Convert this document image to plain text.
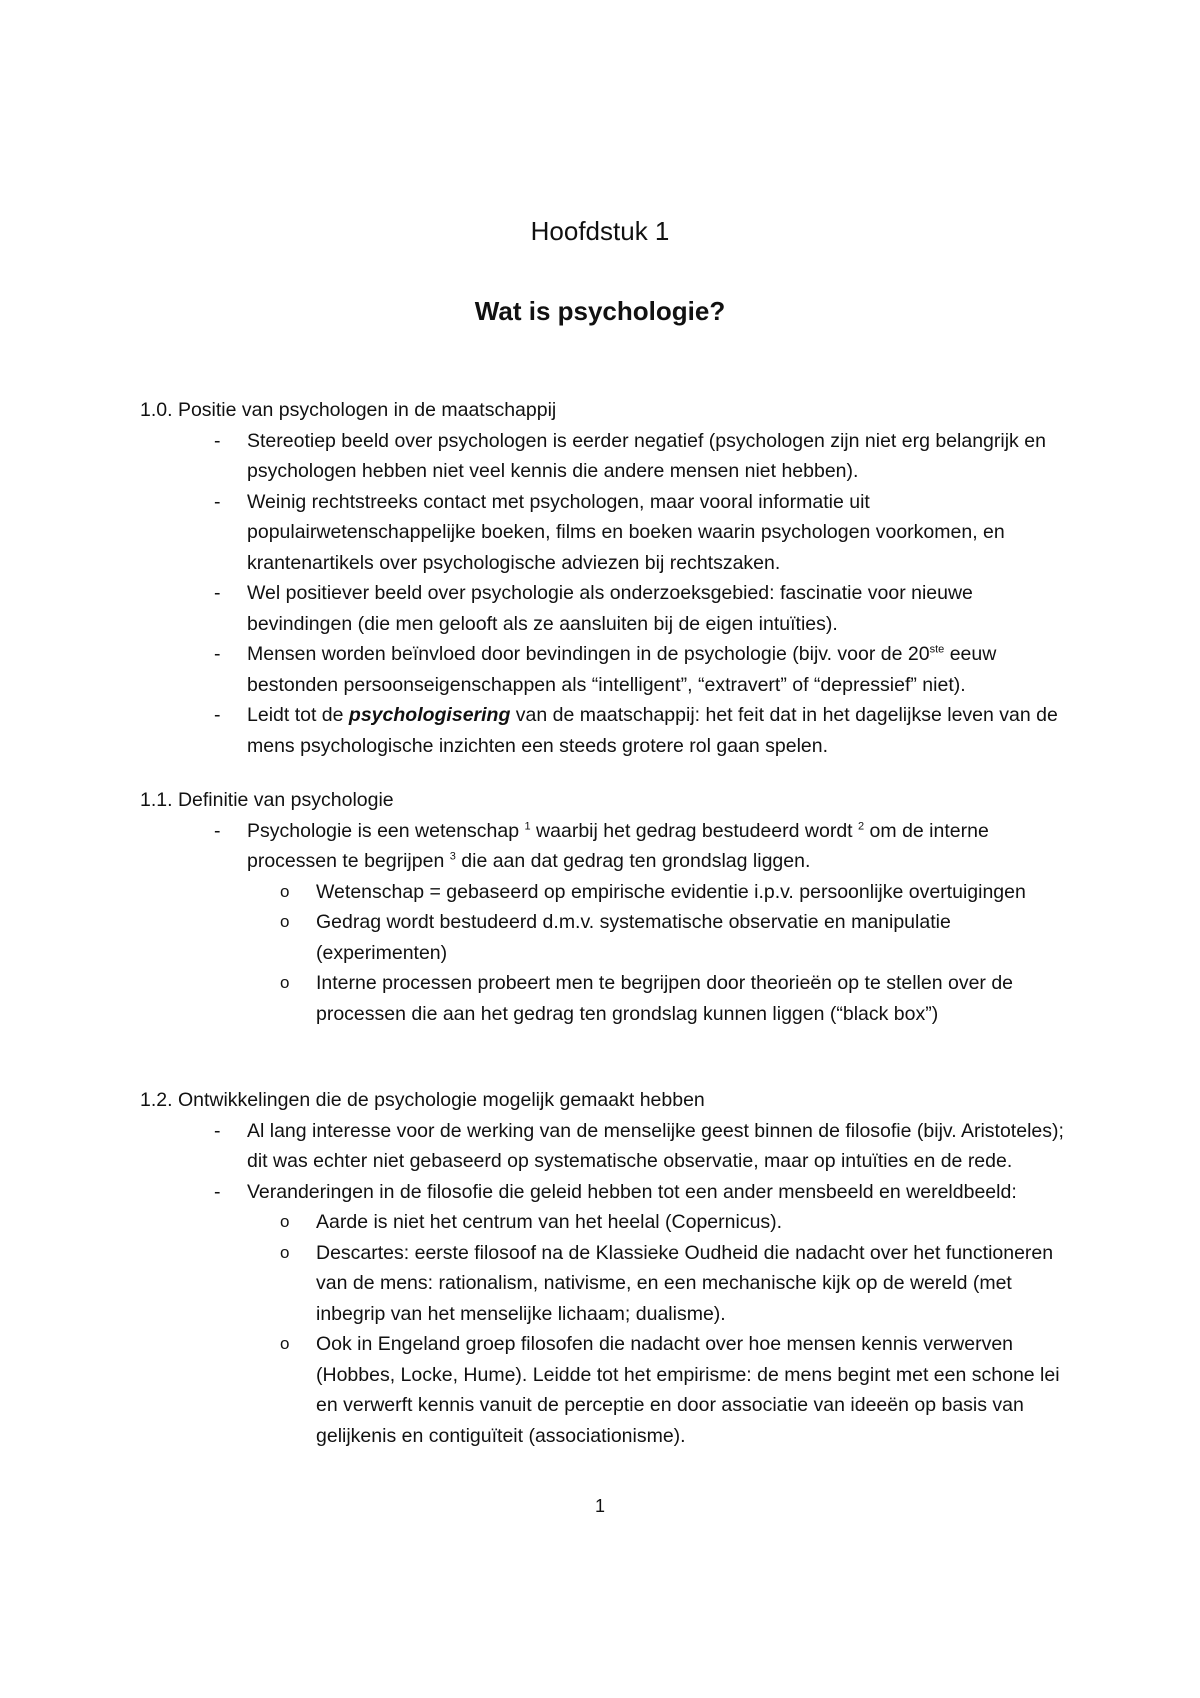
Hoofdstuk 1
Wat is psychologie?

1.0. Positie van psychologen in de maatschappij

- Stereotiep beeld over psychologen is eerder negatief (psychologen zijn niet erg belangrijk en psychologen hebben niet veel kennis die andere mensen niet hebben).
- Weinig rechtstreeks contact met psychologen, maar vooral informatie uit populairwetenschappelijke boeken, films en boeken waarin psychologen voorkomen, en krantenartikels over psychologische adviezen bij rechtszaken.
- Wel positiever beeld over psychologie als onderzoeksgebied: fascinatie voor nieuwe bevindingen (die men gelooft als ze aansluiten bij de eigen intuïties).
- Mensen worden beïnvloed door bevindingen in de psychologie (bijv. voor de 20ste eeuw bestonden persoonseigenschappen als “intelligent”, “extravert” of “depressief” niet).
- Leidt tot de psychologisering van de maatschappij: het feit dat in het dagelijkse leven van de mens psychologische inzichten een steeds grotere rol gaan spelen.

1.1. Definitie van psychologie

- Psychologie is een wetenschap $^1$ waarbij het gedrag bestudeerd wordt $^2$ om de interne processen te begrijpen $^3$ die aan dat gedrag ten grondslag liggen.
o Wetenschap = gebaseerd op empirische evidentie i.p.v. persoonlijke overtuigingen
o Gedrag wordt bestudeerd d.m.v. systematische observatie en manipulatie (experimenten)
o Interne processen probeert men te begrijpen door theorieën op te stellen over de processen die aan het gedrag ten grondslag kunnen liggen (“black box”)

1.2. Ontwikkelingen die de psychologie mogelijk gemaakt hebben

- Al lang interesse voor de werking van de menselijke geest binnen de filosofie (bijv. Aristoteles); dit was echter niet gebaseerd op systematische observatie, maar op intuïties en de rede.
- Veranderingen in de filosofie die geleid hebben tot een ander mensbeeld en wereldbeeld:
o Aarde is niet het centrum van het heelal (Copernicus).
o Descartes: eerste filosoof na de Klassieke Oudheid die nadacht over het functioneren van de mens: rationalism, nativisme, en een mechanische kijk op de wereld (met inbegrip van het menselijke lichaam; dualisme).
o Ook in Engeland groep filosofen die nadacht over hoe mensen kennis verwerven (Hobbes, Locke, Hume). Leidde tot het empirisme: de mens begint met een schone lei en verwerft kennis vanuit de perceptie en door associatie van ideeën op basis van gelijkenis en contiguïteit (associationisme).
1
